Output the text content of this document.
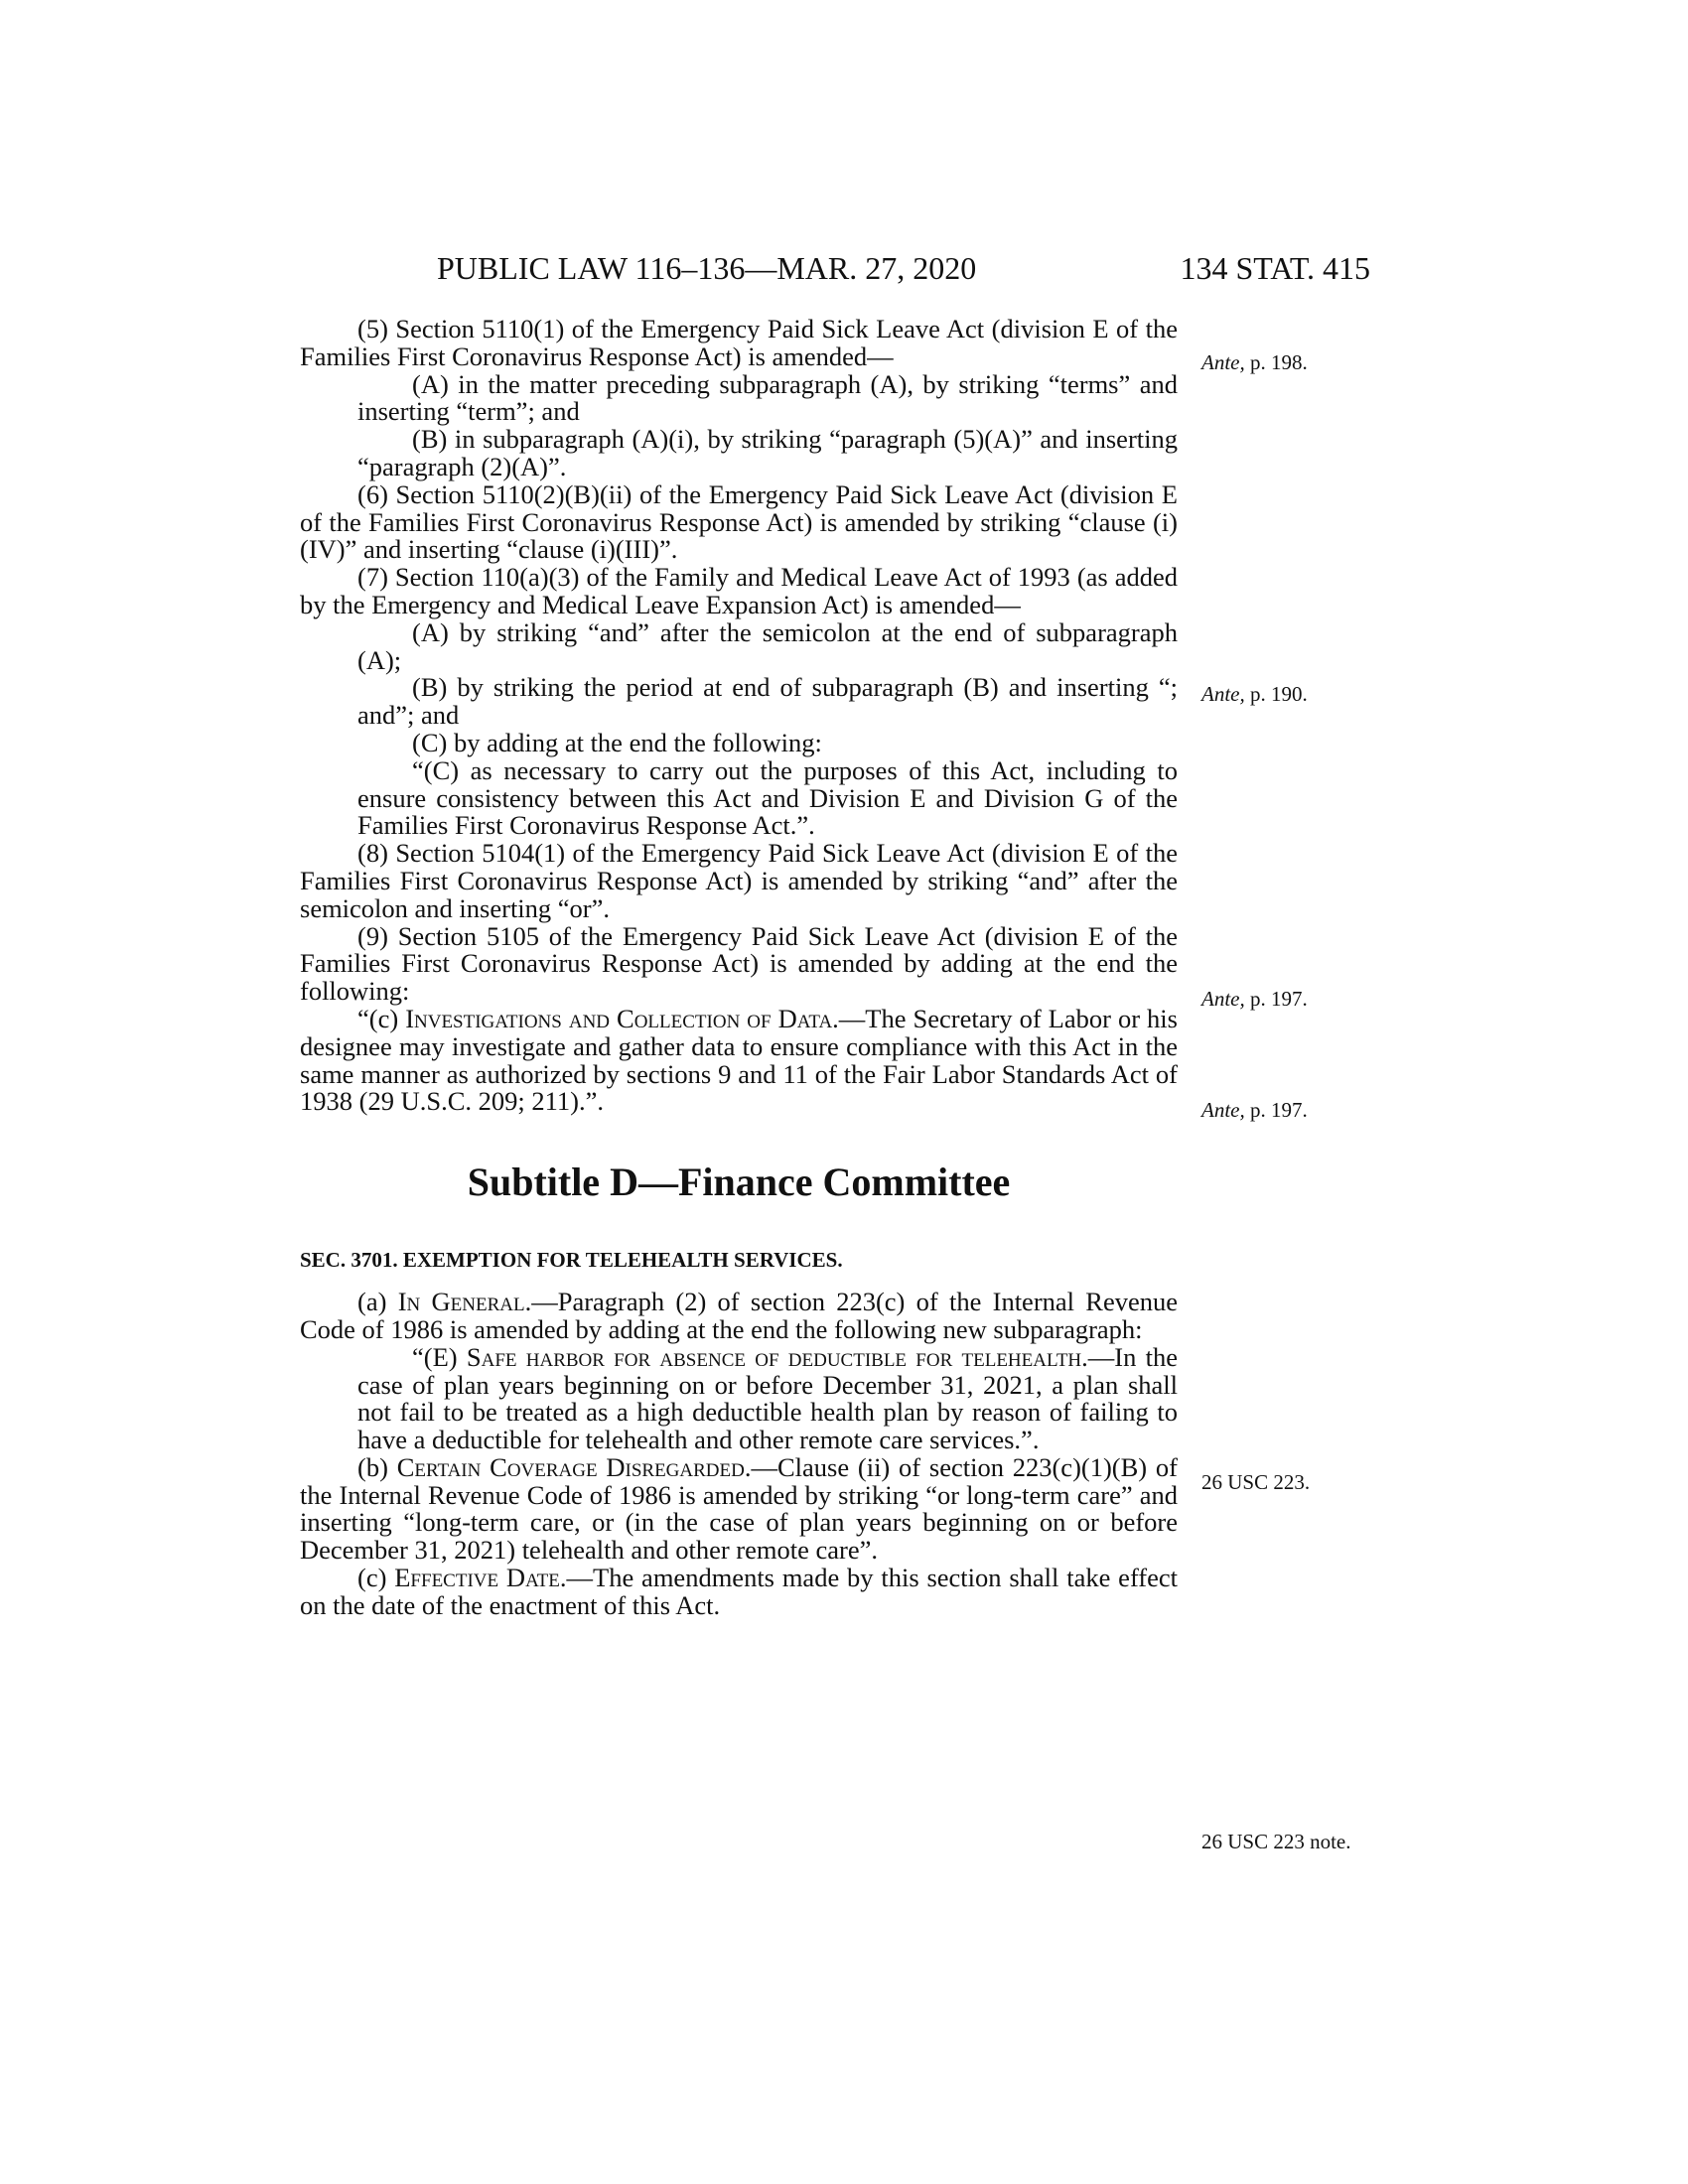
PUBLIC LAW 116–136—MAR. 27, 2020	134 STAT. 415

(5) Section 5110(1) of the Emergency Paid Sick Leave Act (division E of the Families First Coronavirus Response Act) is amended—

(A) in the matter preceding subparagraph (A), by striking “terms” and inserting “term”; and

(B) in subparagraph (A)(i), by striking “paragraph (5)(A)” and inserting “paragraph (2)(A)”.

(6) Section 5110(2)(B)(ii) of the Emergency Paid Sick Leave Act (division E of the Families First Coronavirus Response Act) is amended by striking “clause (i)(IV)” and inserting “clause (i)(III)”.

(7) Section 110(a)(3) of the Family and Medical Leave Act of 1993 (as added by the Emergency and Medical Leave Expansion Act) is amended—

(A) by striking “and” after the semicolon at the end of subparagraph (A);

(B) by striking the period at end of subparagraph (B) and inserting “; and”; and

(C) by adding at the end the following:

“(C) as necessary to carry out the purposes of this Act, including to ensure consistency between this Act and Division E and Division G of the Families First Coronavirus Response Act.”.

(8) Section 5104(1) of the Emergency Paid Sick Leave Act (division E of the Families First Coronavirus Response Act) is amended by striking “and” after the semicolon and inserting “or”.

(9) Section 5105 of the Emergency Paid Sick Leave Act (division E of the Families First Coronavirus Response Act) is amended by adding at the end the following:

“(c) Investigations and Collection of Data.—The Secretary of Labor or his designee may investigate and gather data to ensure compliance with this Act in the same manner as authorized by sections 9 and 11 of the Fair Labor Standards Act of 1938 (29 U.S.C. 209; 211).”.

Subtitle D—Finance Committee
SEC. 3701. EXEMPTION FOR TELEHEALTH SERVICES.

(a) In General.—Paragraph (2) of section 223(c) of the Internal Revenue Code of 1986 is amended by adding at the end the following new subparagraph:

“(E) Safe harbor for absence of deductible for telehealth.—In the case of plan years beginning on or before December 31, 2021, a plan shall not fail to be treated as a high deductible health plan by reason of failing to have a deductible for telehealth and other remote care services.”.

(b) Certain Coverage Disregarded.—Clause (ii) of section 223(c)(1)(B) of the Internal Revenue Code of 1986 is amended by striking “or long-term care” and inserting “long-term care, or (in the case of plan years beginning on or before December 31, 2021) telehealth and other remote care”.

(c) Effective Date.—The amendments made by this section shall take effect on the date of the enactment of this Act.

Ante, p. 198.
Ante, p. 190.
Ante, p. 197.
Ante, p. 197.
26 USC 223.
26 USC 223 note.
